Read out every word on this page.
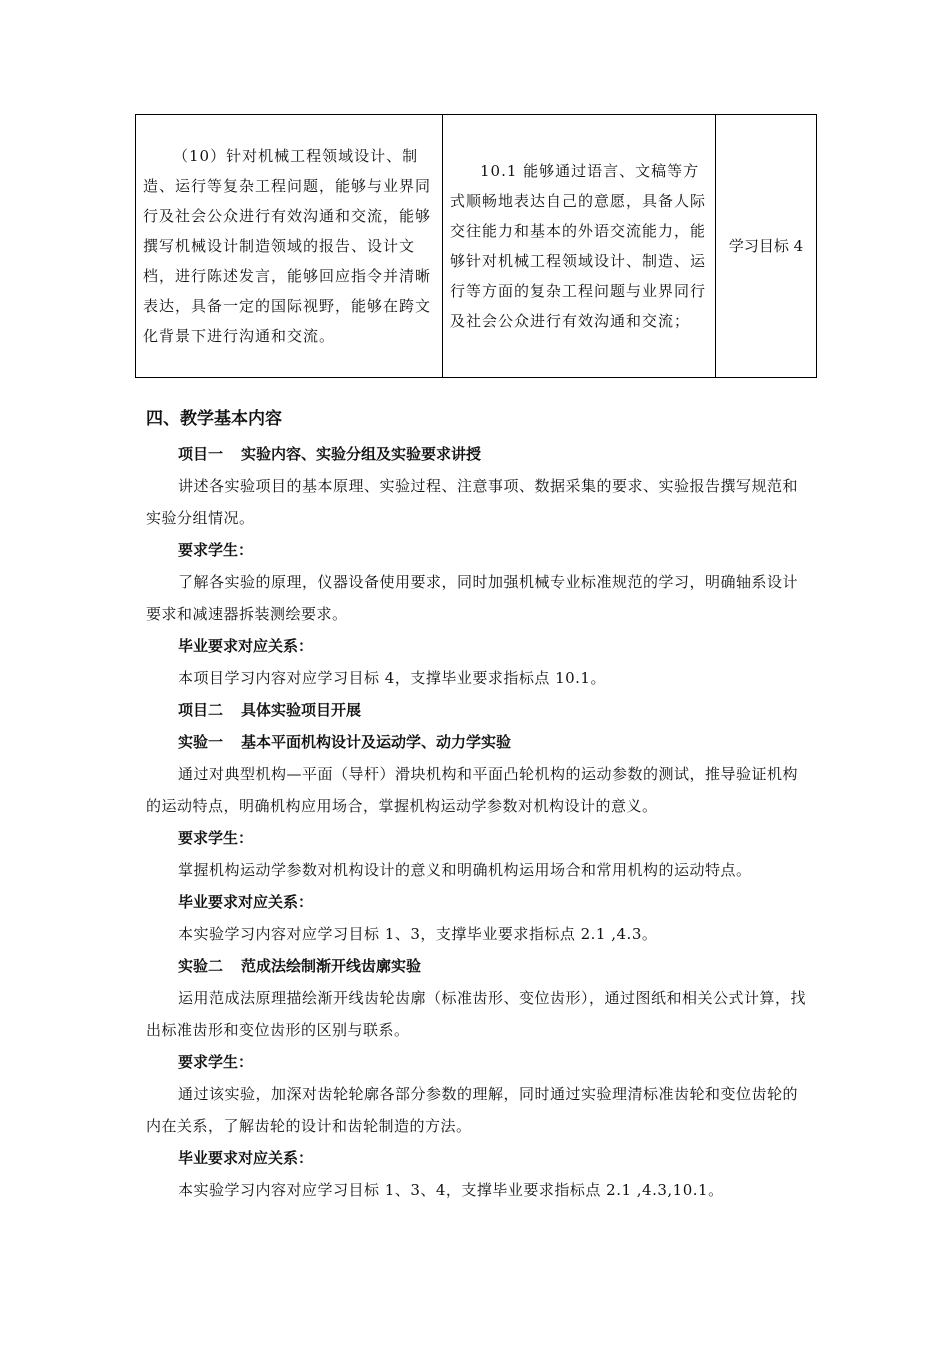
（10）针对机械工程领域设计、制造、运行等复杂工程问题，能够与业界同行及社会公众进行有效沟通和交流，能够撰写机械设计制造领域的报告、设计文档，进行陈述发言，能够回应指令并清晰表达，具备一定的国际视野，能够在跨文化背景下进行沟通和交流。	10.1 能够通过语言、文稿等方式顺畅地表达自己的意愿，具备人际交往能力和基本的外语交流能力，能够针对机械工程领域设计、制造、运行等方面的复杂工程问题与业界同行及社会公众进行有效沟通和交流；	学习目标 4
四、教学基本内容
项目一 实验内容、实验分组及实验要求讲授

讲述各实验项目的基本原理、实验过程、注意事项、数据采集的要求、实验报告撰写规范和实验分组情况。

要求学生：

了解各实验的原理，仪器设备使用要求，同时加强机械专业标准规范的学习，明确轴系设计要求和减速器拆装测绘要求。

毕业要求对应关系：

本项目学习内容对应学习目标 4，支撑毕业要求指标点 10.1。

项目二 具体实验项目开展
实验一 基本平面机构设计及运动学、动力学实验

通过对典型机构—平面（导杆）滑块机构和平面凸轮机构的运动参数的测试，推导验证机构的运动特点，明确机构应用场合，掌握机构运动学参数对机构设计的意义。

要求学生：

掌握机构运动学参数对机构设计的意义和明确机构运用场合和常用机构的运动特点。

毕业要求对应关系：

本实验学习内容对应学习目标 1、3，支撑毕业要求指标点 2.1 ,4.3。

实验二 范成法绘制渐开线齿廓实验

运用范成法原理描绘渐开线齿轮齿廓（标准齿形、变位齿形），通过图纸和相关公式计算，找出标准齿形和变位齿形的区别与联系。

要求学生：

通过该实验，加深对齿轮轮廓各部分参数的理解，同时通过实验理清标准齿轮和变位齿轮的内在关系，了解齿轮的设计和齿轮制造的方法。

毕业要求对应关系：

本实验学习内容对应学习目标 1、3、4，支撑毕业要求指标点 2.1 ,4.3,10.1。
